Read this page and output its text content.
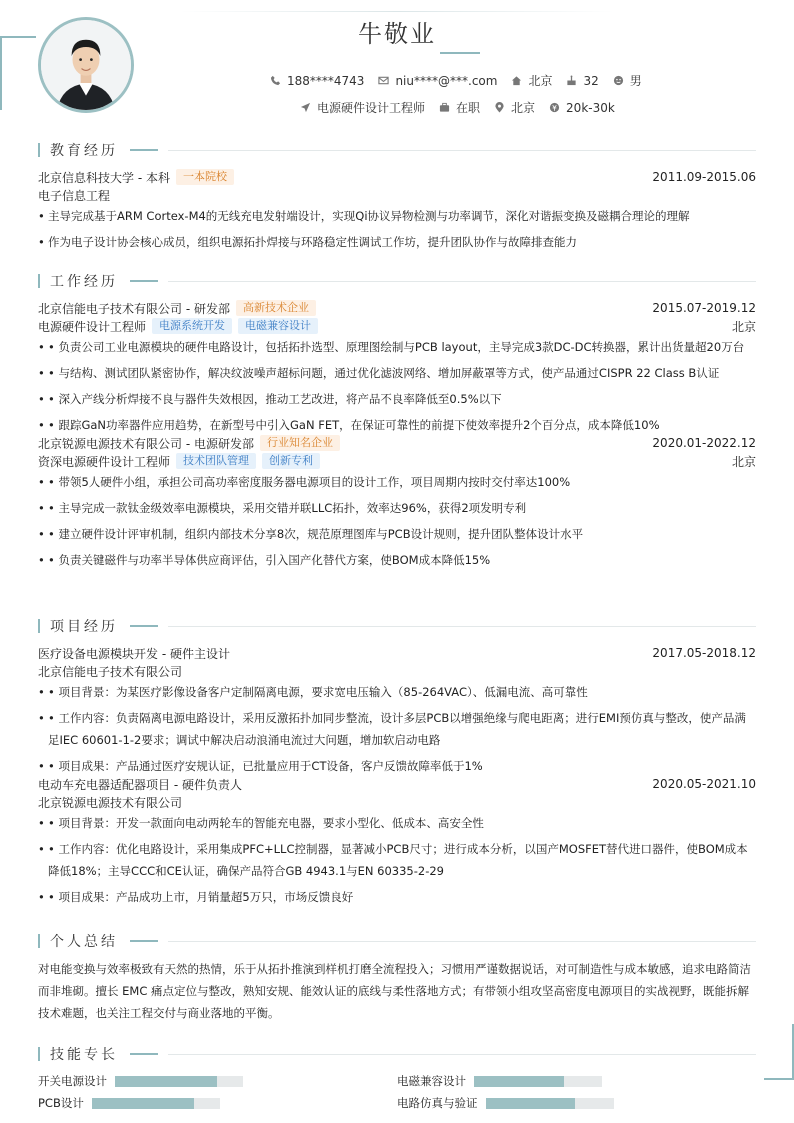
牛敬业
188****4743	niu****@***.com	北京	32	男
电源硬件设计工程师	在职	北京	20k-30k
教育经历
北京信息科技大学 - 本科	一本院校	2011.09-2015.06
电子信息工程
• 主导完成基于ARM Cortex-M4的无线充电发射端设计，实现Qi协议异物检测与功率调节，深化对谐振变换及磁耦合理论的理解
• 作为电子设计协会核心成员，组织电源拓扑焊接与环路稳定性调试工作坊，提升团队协作与故障排查能力
工作经历
北京信能电子技术有限公司 - 研发部	高新技术企业	2015.07-2019.12
电源硬件设计工程师	电源系统开发	电磁兼容设计	北京
• • 负责公司工业电源模块的硬件电路设计，包括拓扑选型、原理图绘制与PCB layout，主导完成3款DC-DC转换器，累计出货量超20万台
• • 与结构、测试团队紧密协作，解决纹波噪声超标问题，通过优化滤波网络、增加屏蔽罩等方式，使产品通过CISPR 22 Class B认证
• • 深入产线分析焊接不良与器件失效根因，推动工艺改进，将产品不良率降低至0.5%以下
• • 跟踪GaN功率器件应用趋势，在新型号中引入GaN FET，在保证可靠性的前提下使效率提升2个百分点，成本降低10%
北京锐源电源技术有限公司 - 电源研发部	行业知名企业	2020.01-2022.12
资深电源硬件设计工程师	技术团队管理	创新专利	北京
• • 带领5人硬件小组，承担公司高功率密度服务器电源项目的设计工作，项目周期内按时交付率达100%
• • 主导完成一款钛金级效率电源模块，采用交错并联LLC拓扑，效率达96%，获得2项发明专利
• • 建立硬件设计评审机制，组织内部技术分享8次，规范原理图库与PCB设计规则，提升团队整体设计水平
• • 负责关键磁件与功率半导体供应商评估，引入国产化替代方案，使BOM成本降低15%
项目经历
医疗设备电源模块开发 - 硬件主设计	2017.05-2018.12
北京信能电子技术有限公司
• • 项目背景：为某医疗影像设备客户定制隔离电源，要求宽电压输入（85-264VAC）、低漏电流、高可靠性
• • 工作内容：负责隔离电源电路设计，采用反激拓扑加同步整流，设计多层PCB以增强绝缘与爬电距离；进行EMI预仿真与整改，使产品满足IEC 60601-1-2要求；调试中解决启动浪涌电流过大问题，增加软启动电路
• • 项目成果：产品通过医疗安规认证，已批量应用于CT设备，客户反馈故障率低于1%
电动车充电器适配器项目 - 硬件负责人	2020.05-2021.10
北京锐源电源技术有限公司
• • 项目背景：开发一款面向电动两轮车的智能充电器，要求小型化、低成本、高安全性
• • 工作内容：优化电路设计，采用集成PFC+LLC控制器，显著减小PCB尺寸；进行成本分析，以国产MOSFET替代进口器件，使BOM成本降低18%；主导CCC和CE认证，确保产品符合GB 4943.1与EN 60335-2-29
• • 项目成果：产品成功上市，月销量超5万只，市场反馈良好
个人总结
对电能变换与效率极致有天然的热情，乐于从拓扑推演到样机打磨全流程投入；习惯用严谨数据说话，对可制造性与成本敏感，追求电路简洁而非堆砌。擅长 EMC 痛点定位与整改，熟知安规、能效认证的底线与柔性落地方式；有带领小组攻坚高密度电源项目的实战视野，既能拆解技术难题，也关注工程交付与商业落地的平衡。
技能专长
开关电源设计	电磁兼容设计
PCB设计	电路仿真与验证
